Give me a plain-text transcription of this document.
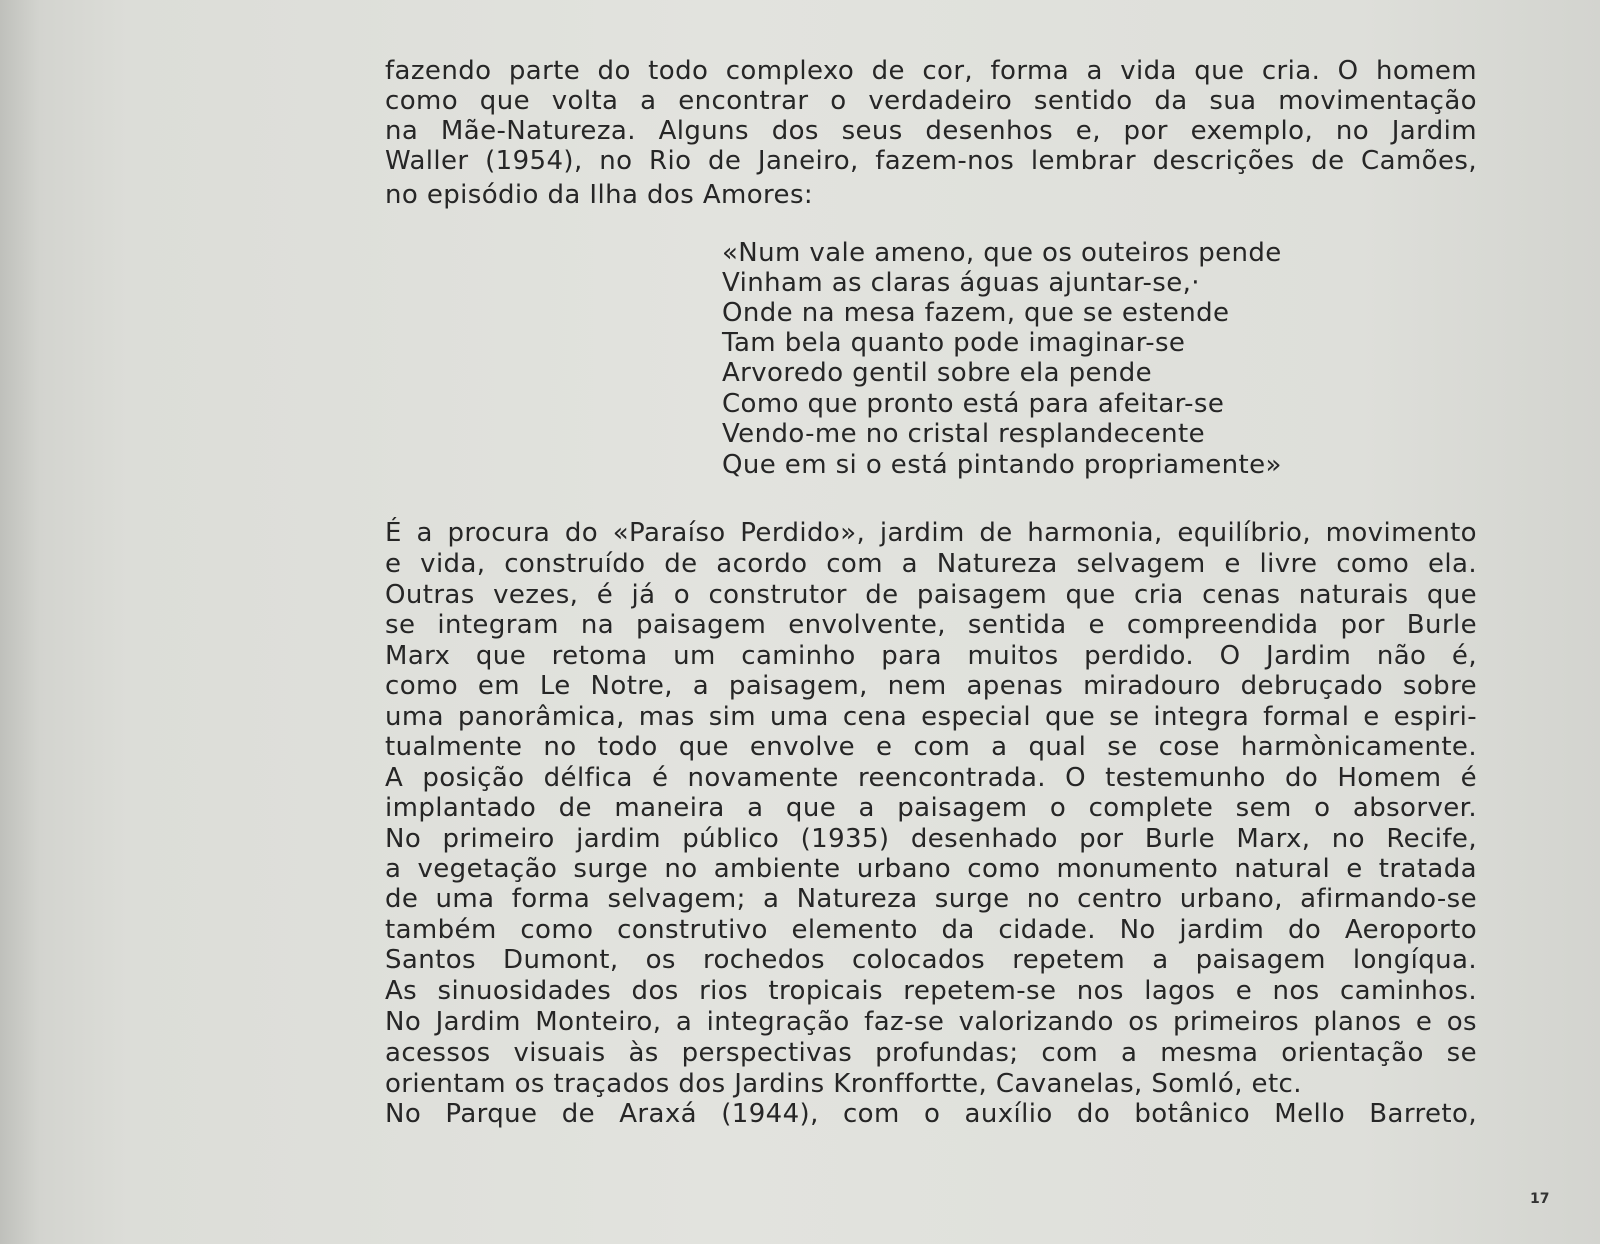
fazendo parte do todo complexo de cor, forma a vida que cria. O homem

como que volta a encontrar o verdadeiro sentido da sua movimentação

na Mãe-Natureza. Alguns dos seus desenhos e, por exemplo, no Jardim

Waller (1954), no Rio de Janeiro, fazem-nos lembrar descrições de Camões,

no episódio da Ilha dos Amores:

«Num vale ameno, que os outeiros pende

Vinham as claras águas ajuntar-se,·

Onde na mesa fazem, que se estende

Tam bela quanto pode imaginar-se

Arvoredo gentil sobre ela pende

Como que pronto está para afeitar-se

Vendo-me no cristal resplandecente

Que em si o está pintando propriamente»

É a procura do «Paraíso Perdido», jardim de harmonia, equilíbrio, movimento

e vida, construído de acordo com a Natureza selvagem e livre como ela.

Outras vezes, é já o construtor de paisagem que cria cenas naturais que

se integram na paisagem envolvente, sentida e compreendida por Burle

Marx que retoma um caminho para muitos perdido. O Jardim não é,

como em Le Notre, a paisagem, nem apenas miradouro debruçado sobre

uma panorâmica, mas sim uma cena especial que se integra formal e espiri-

tualmente no todo que envolve e com a qual se cose harmònicamente.

A posição délfica é novamente reencontrada. O testemunho do Homem é

implantado de maneira a que a paisagem o complete sem o absorver.

No primeiro jardim público (1935) desenhado por Burle Marx, no Recife,

a vegetação surge no ambiente urbano como monumento natural e tratada

de uma forma selvagem; a Natureza surge no centro urbano, afirmando-se

também como construtivo elemento da cidade. No jardim do Aeroporto

Santos Dumont, os rochedos colocados repetem a paisagem longíqua.

As sinuosidades dos rios tropicais repetem-se nos lagos e nos caminhos.

No Jardim Monteiro, a integração faz-se valorizando os primeiros planos e os

acessos visuais às perspectivas profundas; com a mesma orientação se

orientam os traçados dos Jardins Kronffortte, Cavanelas, Somló, etc.

No Parque de Araxá (1944), com o auxílio do botânico Mello Barreto,

17
